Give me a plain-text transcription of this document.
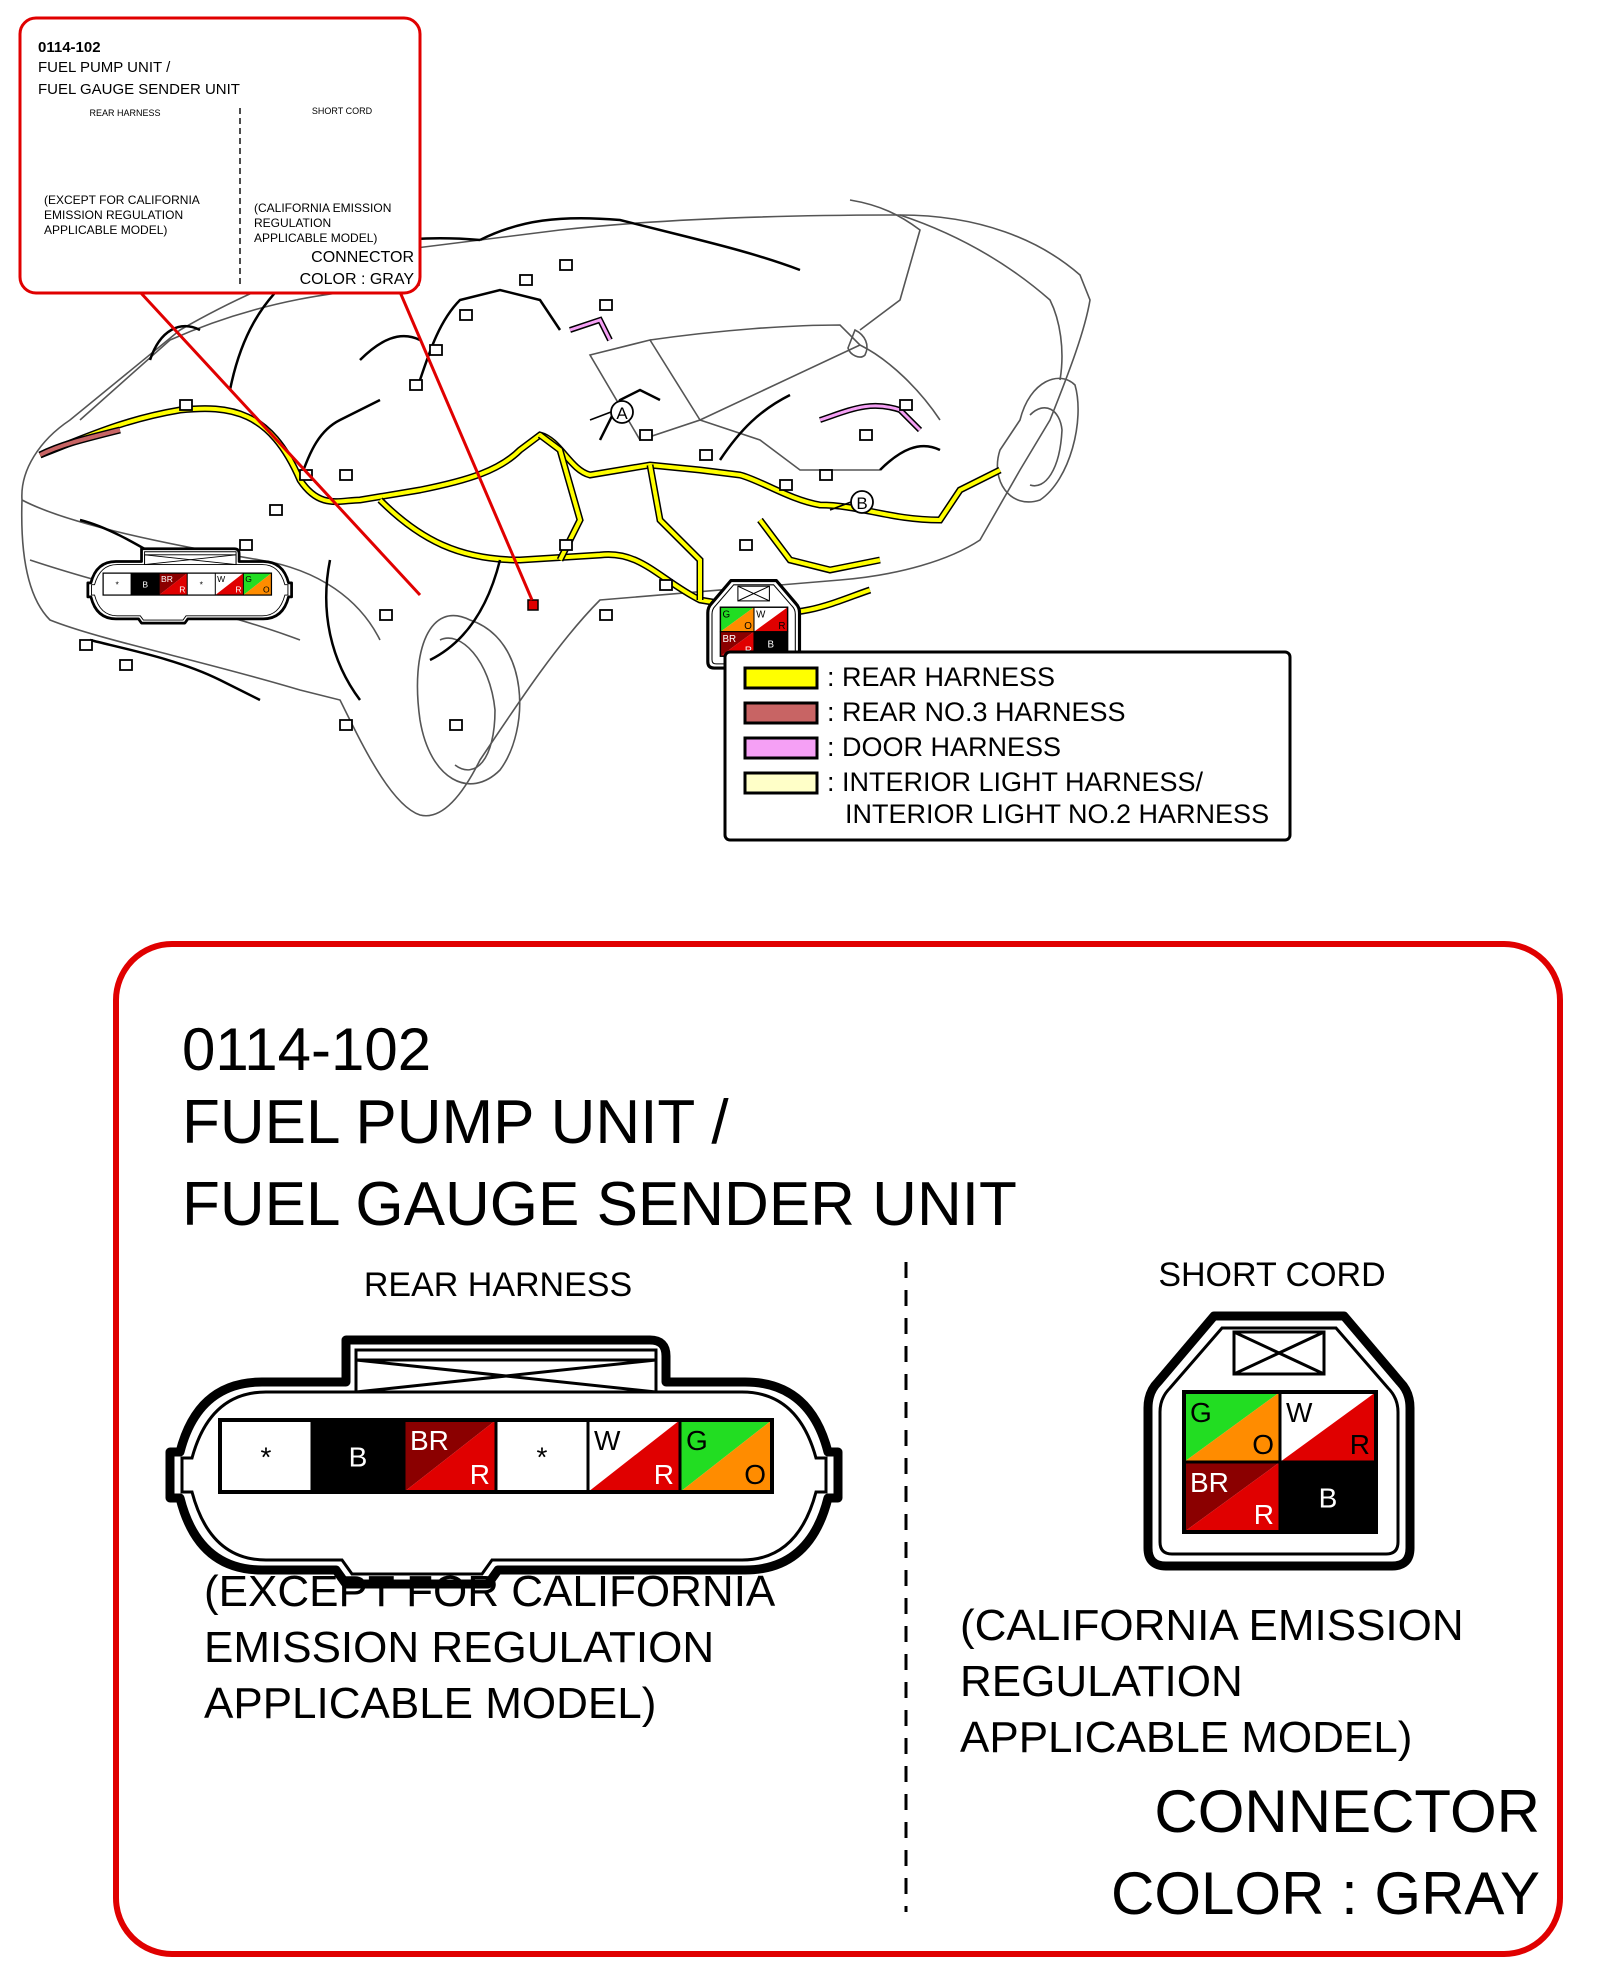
A
B
0114-102
FUEL PUMP UNIT /
FUEL GAUGE SENDER UNIT
REAR HARNESS
(EXCEPT FOR CALIFORNIA
EMISSION REGULATION
APPLICABLE MODEL)
SHORT CORD
(CALIFORNIA EMISSION
REGULATION
APPLICABLE MODEL)
CONNECTOR
COLOR : GRAY
: REAR HARNESS
: REAR NO.3 HARNESS
: DOOR HARNESS
: INTERIOR LIGHT HARNESS/
INTERIOR LIGHT NO.2 HARNESS
0114-102
FUEL PUMP UNIT /
FUEL GAUGE SENDER UNIT
REAR HARNESS
*	B
BR
R
*
W
R
G
O
(EXCEPT FOR CALIFORNIA
EMISSION REGULATION
APPLICABLE MODEL)
SHORT CORD
G
O
W
R
BR
R
B
(CALIFORNIA EMISSION
REGULATION
APPLICABLE MODEL)
CONNECTOR
COLOR : GRAY
